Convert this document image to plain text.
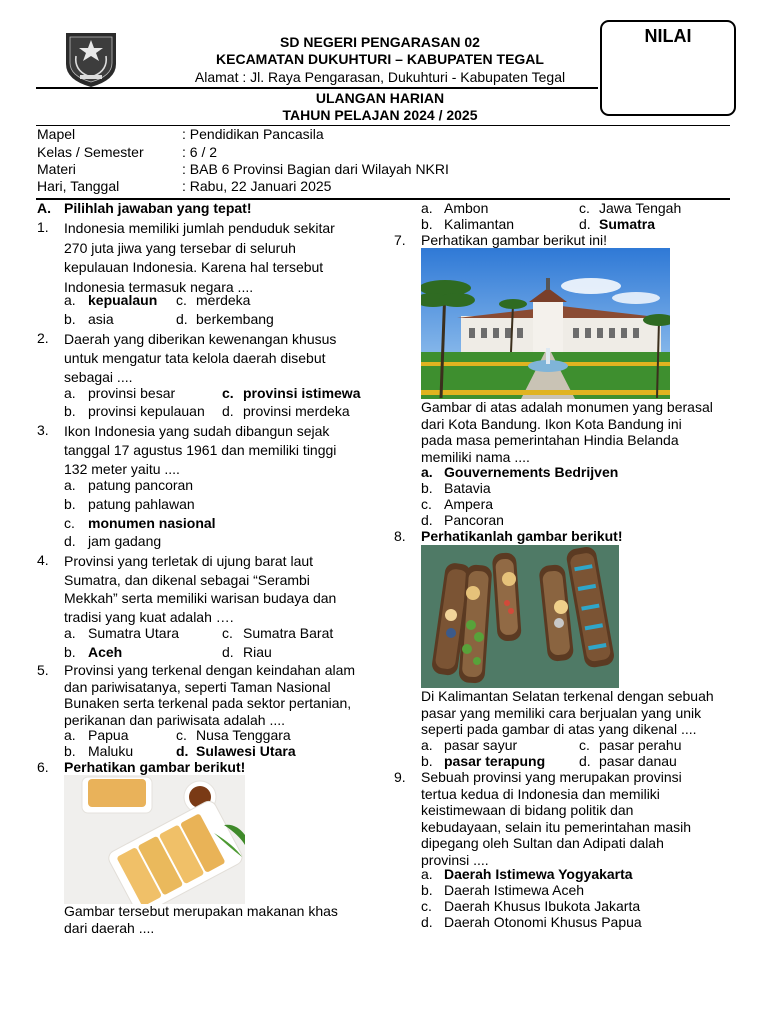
SD NEGERI PENGARASAN 02
KECAMATAN DUKUHTURI – KABUPATEN TEGAL
Alamat : Jl. Raya Pengarasan, Dukuhturi - Kabupaten Tegal
ULANGAN HARIAN
TAHUN PELAJAN 2024 / 2025
NILAI
Mapel	: Pendidikan Pancasila
Kelas / Semester	: 6 / 2
Materi	: BAB 6 Provinsi Bagian dari Wilayah NKRI
Hari, Tanggal	: Rabu, 22 Januari 2025
A. Pilihlah jawaban yang tepat!
1. Indonesia memiliki jumlah penduduk sekitar
270 juta jiwa yang tersebar di seluruh
kepulauan Indonesia. Karena hal tersebut
Indonesia termasuk negara ....
a. kepualaun c. merdeka
b. asia	d. berkembang
2. Daerah yang diberikan kewenangan khusus
untuk mengatur tata kelola daerah disebut
sebagai ....
a. provinsi besar	c. provinsi istimewa
b. provinsi kepulauan d. provinsi merdeka
3. Ikon Indonesia yang sudah dibangun sejak
tanggal 17 agustus 1961 dan memiliki tinggi
132 meter yaitu ....
a. patung pancoran
b. patung pahlawan
c. monumen nasional
d. jam gadang
4. Provinsi yang terletak di ujung barat laut
Sumatra, dan dikenal sebagai “Serambi
Mekkah” serta memiliki warisan budaya dan
tradisi yang kuat adalah ….
a. Sumatra Utara	c. Sumatra Barat
b. Aceh	d. Riau
5. Provinsi yang terkenal dengan keindahan alam
dan pariwisatanya, seperti Taman Nasional
Bunaken serta terkenal pada sektor pertanian,
perikanan dan pariwisata adalah ....
a. Papua	c. Nusa Tenggara
b. Maluku	d. Sulawesi Utara
6. Perhatikan gambar berikut!
Gambar tersebut merupakan makanan khas
dari daerah ....
a. Ambon	c. Jawa Tengah
b. Kalimantan	d. Sumatra
7. Perhatikan gambar berikut ini!
Gambar di atas adalah monumen yang berasal
dari Kota Bandung. Ikon Kota Bandung ini
pada masa pemerintahan Hindia Belanda
memiliki nama ....
a. Gouvernements Bedrijven
b. Batavia
c. Ampera
d. Pancoran
8. Perhatikanlah gambar berikut!
Di Kalimantan Selatan terkenal dengan sebuah
pasar yang memiliki cara berjualan yang unik
seperti pada gambar di atas yang dikenal ....
a. pasar sayur	c. pasar perahu
b. pasar terapung d. pasar danau
9. Sebuah provinsi yang merupakan provinsi
tertua kedua di Indonesia dan memiliki
keistimewaan di bidang politik dan
kebudayaan, selain itu pemerintahan masih
dipegang oleh Sultan dan Adipati dalah
provinsi ....
a. Daerah Istimewa Yogyakarta
b. Daerah Istimewa Aceh
c. Daerah Khusus Ibukota Jakarta
d. Daerah Otonomi Khusus Papua
